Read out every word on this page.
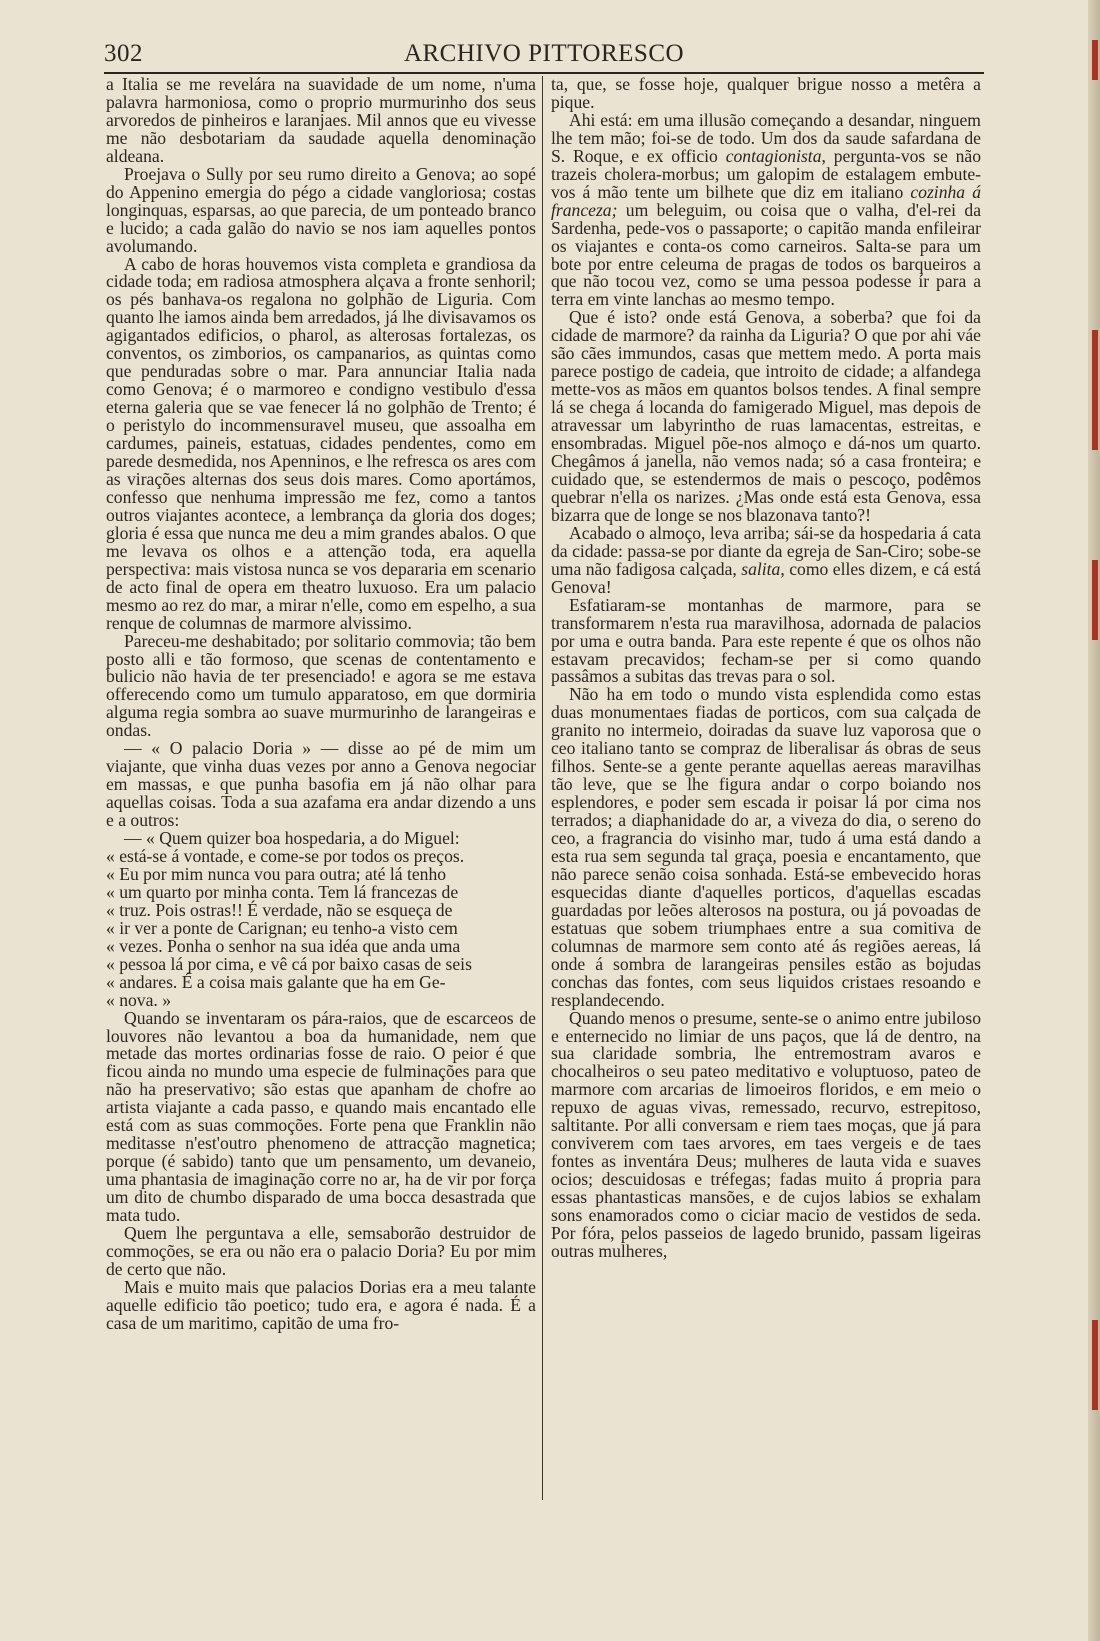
302	ARCHIVO PITTORESCO

a Italia se me revelára na suavidade de um nome, n'uma palavra harmoniosa, como o proprio murmurinho dos seus arvoredos de pinheiros e laranjaes. Mil annos que eu vivesse me não desbotariam da saudade aquella denominação aldeana.

Proejava o Sully por seu rumo direito a Genova; ao sopé do Appenino emergia do pégo a cidade vangloriosa; costas longinquas, esparsas, ao que parecia, de um ponteado branco e lucido; a cada galão do navio se nos iam aquelles pontos avolumando.

A cabo de horas houvemos vista completa e grandiosa da cidade toda; em radiosa atmosphera alçava a fronte senhoril; os pés banhava-os regalona no golphão de Liguria. Com quanto lhe iamos ainda bem arredados, já lhe divisavamos os agigantados edificios, o pharol, as alterosas fortalezas, os conventos, os zimborios, os campanarios, as quintas como que penduradas sobre o mar. Para annunciar Italia nada como Genova; é o marmoreo e condigno vestibulo d'essa eterna galeria que se vae fenecer lá no golphão de Trento; é o peristylo do incommensuravel museu, que assoalha em cardumes, paineis, estatuas, cidades pendentes, como em parede desmedida, nos Apenninos, e lhe refresca os ares com as virações alternas dos seus dois mares. Como aportámos, confesso que nenhuma impressão me fez, como a tantos outros viajantes acontece, a lembrança da gloria dos doges; gloria é essa que nunca me deu a mim grandes abalos. O que me levava os olhos e a attenção toda, era aquella perspectiva: mais vistosa nunca se vos depararia em scenario de acto final de opera em theatro luxuoso. Era um palacio mesmo ao rez do mar, a mirar n'elle, como em espelho, a sua renque de columnas de marmore alvissimo.

Pareceu-me deshabitado; por solitario commovia; tão bem posto alli e tão formoso, que scenas de contentamento e bulicio não havia de ter presenciado! e agora se me estava offerecendo como um tumulo apparatoso, em que dormiria alguma regia sombra ao suave murmurinho de larangeiras e ondas.

— « O palacio Doria » — disse ao pé de mim um viajante, que vinha duas vezes por anno a Genova negociar em massas, e que punha basofia em já não olhar para aquellas coisas. Toda a sua azafama era andar dizendo a uns e a outros:

— « Quem quizer boa hospedaria, a do Miguel:

« está-se á vontade, e come-se por todos os preços.

« Eu por mim nunca vou para outra; até lá tenho

« um quarto por minha conta. Tem lá francezas de

« truz. Pois ostras!! É verdade, não se esqueça de

« ir ver a ponte de Carignan; eu tenho-a visto cem

« vezes. Ponha o senhor na sua idéa que anda uma

« pessoa lá por cima, e vê cá por baixo casas de seis

« andares. É a coisa mais galante que ha em Ge-

« nova. »

Quando se inventaram os pára-raios, que de escarceos de louvores não levantou a boa da humanidade, nem que metade das mortes ordinarias fosse de raio. O peior é que ficou ainda no mundo uma especie de fulminações para que não ha preservativo; são estas que apanham de chofre ao artista viajante a cada passo, e quando mais encantado elle está com as suas commoções. Forte pena que Franklin não meditasse n'est'outro phenomeno de attracção magnetica; porque (é sabido) tanto que um pensamento, um devaneio, uma phantasia de imaginação corre no ar, ha de vir por força um dito de chumbo disparado de uma bocca desastrada que mata tudo.

Quem lhe perguntava a elle, semsaborão destruidor de commoções, se era ou não era o palacio Doria? Eu por mim de certo que não.

Mais e muito mais que palacios Dorias era a meu talante aquelle edificio tão poetico; tudo era, e agora é nada. É a casa de um maritimo, capitão de uma fro-

ta, que, se fosse hoje, qualquer brigue nosso a metêra a pique.

Ahi está: em uma illusão começando a desandar, ninguem lhe tem mão; foi-se de todo. Um dos da saude safardana de S. Roque, e ex officio contagionista, pergunta-vos se não trazeis cholera-morbus; um galopim de estalagem embute-vos á mão tente um bilhete que diz em italiano cozinha á franceza; um beleguim, ou coisa que o valha, d'el-rei da Sardenha, pede-vos o passaporte; o capitão manda enfileirar os viajantes e conta-os como carneiros. Salta-se para um bote por entre celeuma de pragas de todos os barqueiros a que não tocou vez, como se uma pessoa podesse ír para a terra em vinte lanchas ao mesmo tempo.

Que é isto? onde está Genova, a soberba? que foi da cidade de marmore? da rainha da Liguria? O que por ahi váe são cães immundos, casas que mettem medo. A porta mais parece postigo de cadeia, que introito de cidade; a alfandega mette-vos as mãos em quantos bolsos tendes. A final sempre lá se chega á locanda do famigerado Miguel, mas depois de atravessar um labyrintho de ruas lamacentas, estreitas, e ensombradas. Miguel põe-nos almoço e dá-nos um quarto. Chegâmos á janella, não vemos nada; só a casa fronteira; e cuidado que, se estendermos de mais o pescoço, podêmos quebrar n'ella os narizes. ¿Mas onde está esta Genova, essa bizarra que de longe se nos blazonava tanto?!

Acabado o almoço, leva arriba; sái-se da hospedaria á cata da cidade: passa-se por diante da egreja de San-Ciro; sobe-se uma não fadigosa calçada, salita, como elles dizem, e cá está Genova!

Esfatiaram-se montanhas de marmore, para se transformarem n'esta rua maravilhosa, adornada de palacios por uma e outra banda. Para este repente é que os olhos não estavam precavidos; fecham-se per si como quando passâmos a subitas das trevas para o sol.

Não ha em todo o mundo vista esplendida como estas duas monumentaes fiadas de porticos, com sua calçada de granito no intermeio, doiradas da suave luz vaporosa que o ceo italiano tanto se compraz de liberalisar ás obras de seus filhos. Sente-se a gente perante aquellas aereas maravilhas tão leve, que se lhe figura andar o corpo boiando nos esplendores, e poder sem escada ir poisar lá por cima nos terrados; a diaphanidade do ar, a viveza do dia, o sereno do ceo, a fragrancia do visinho mar, tudo á uma está dando a esta rua sem segunda tal graça, poesia e encantamento, que não parece senão coisa sonhada. Está-se embevecido horas esquecidas diante d'aquelles porticos, d'aquellas escadas guardadas por leões alterosos na postura, ou já povoadas de estatuas que sobem triumphaes entre a sua comitiva de columnas de marmore sem conto até ás regiões aereas, lá onde á sombra de larangeiras pensiles estão as bojudas conchas das fontes, com seus liquidos cristaes resoando e resplandecendo.

Quando menos o presume, sente-se o animo entre jubiloso e enternecido no limiar de uns paços, que lá de dentro, na sua claridade sombria, lhe entremostram avaros e chocalheiros o seu pateo meditativo e voluptuoso, pateo de marmore com arcarias de limoeiros floridos, e em meio o repuxo de aguas vivas, remessado, recurvo, estrepitoso, saltitante. Por alli conversam e riem taes moças, que já para conviverem com taes arvores, em taes vergeis e de taes fontes as inventára Deus; mulheres de lauta vida e suaves ocios; descuidosas e tréfegas; fadas muito á propria para essas phantasticas mansões, e de cujos labios se exhalam sons enamorados como o ciciar macio de vestidos de seda. Por fóra, pelos passeios de lagedo brunido, passam ligeiras outras mulheres,
